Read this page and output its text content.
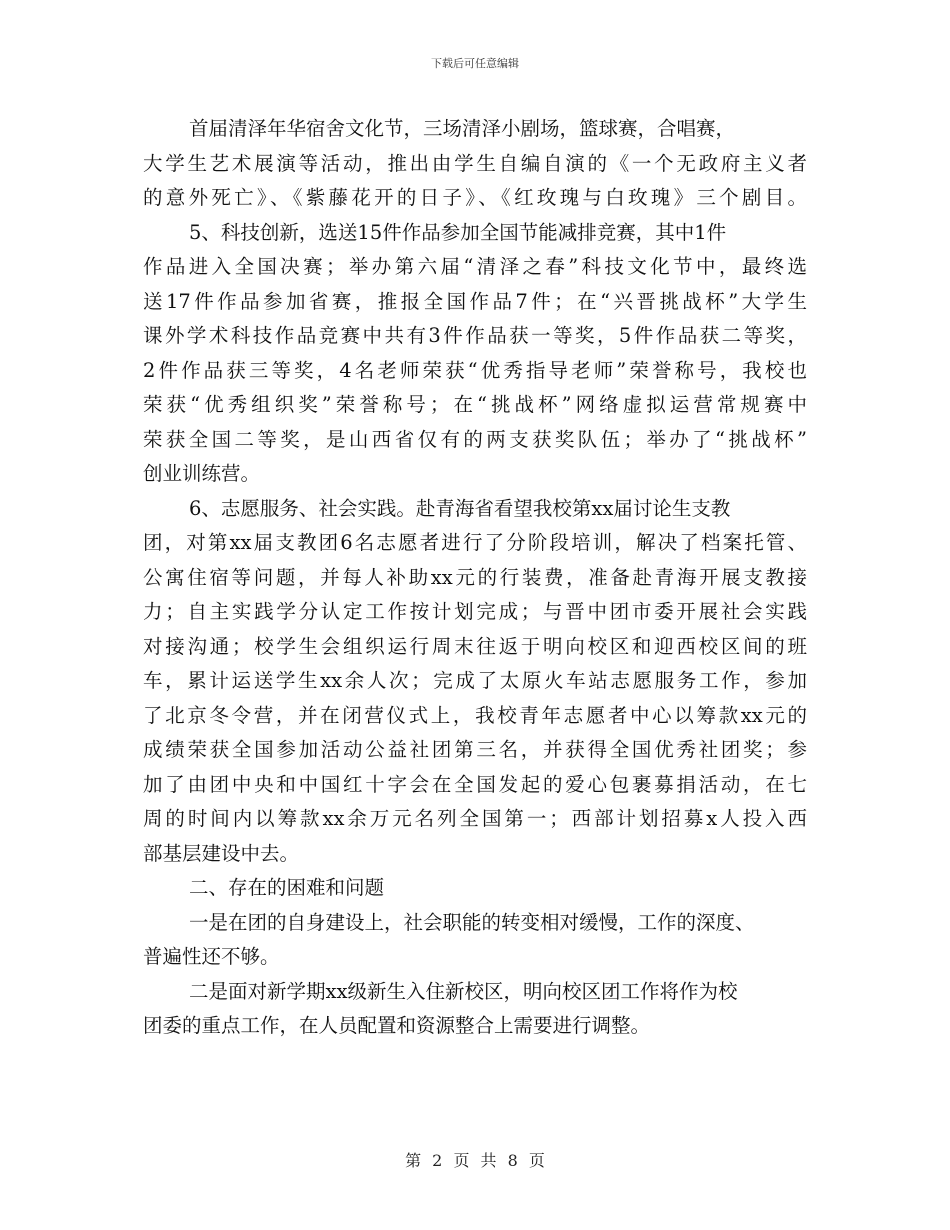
下载后可任意编辑
首届清泽年华宿舍文化节，三场清泽小剧场，篮球赛，合唱赛，
大学生艺术展演等活动，推出由学生自编自演的《一个无政府主义者
的意外死亡》、《紫藤花开的日子》、《红玫瑰与白玫瑰》三个剧目。
5、科技创新，选送15件作品参加全国节能减排竞赛，其中1件
作品进入全国决赛；举办第六届“清泽之春”科技文化节中，最终选
送17件作品参加省赛，推报全国作品7件；在“兴晋挑战杯”大学生
课外学术科技作品竞赛中共有3件作品获一等奖，5件作品获二等奖，
2件作品获三等奖，4名老师荣获“优秀指导老师”荣誉称号，我校也
荣获“优秀组织奖”荣誉称号；在“挑战杯”网络虚拟运营常规赛中
荣获全国二等奖，是山西省仅有的两支获奖队伍；举办了“挑战杯”
创业训练营。
6、志愿服务、社会实践。赴青海省看望我校第xx届讨论生支教
团，对第xx届支教团6名志愿者进行了分阶段培训，解决了档案托管、
公寓住宿等问题，并每人补助xx元的行装费，准备赴青海开展支教接
力；自主实践学分认定工作按计划完成；与晋中团市委开展社会实践
对接沟通；校学生会组织运行周末往返于明向校区和迎西校区间的班
车，累计运送学生xx余人次；完成了太原火车站志愿服务工作，参加
了北京冬令营，并在闭营仪式上，我校青年志愿者中心以筹款xx元的
成绩荣获全国参加活动公益社团第三名，并获得全国优秀社团奖；参
加了由团中央和中国红十字会在全国发起的爱心包裹募捐活动，在七
周的时间内以筹款xx余万元名列全国第一；西部计划招募x人投入西
部基层建设中去。
二、存在的困难和问题
一是在团的自身建设上，社会职能的转变相对缓慢，工作的深度、
普遍性还不够。
二是面对新学期xx级新生入住新校区，明向校区团工作将作为校
团委的重点工作，在人员配置和资源整合上需要进行调整。
第 2 页 共 8 页
